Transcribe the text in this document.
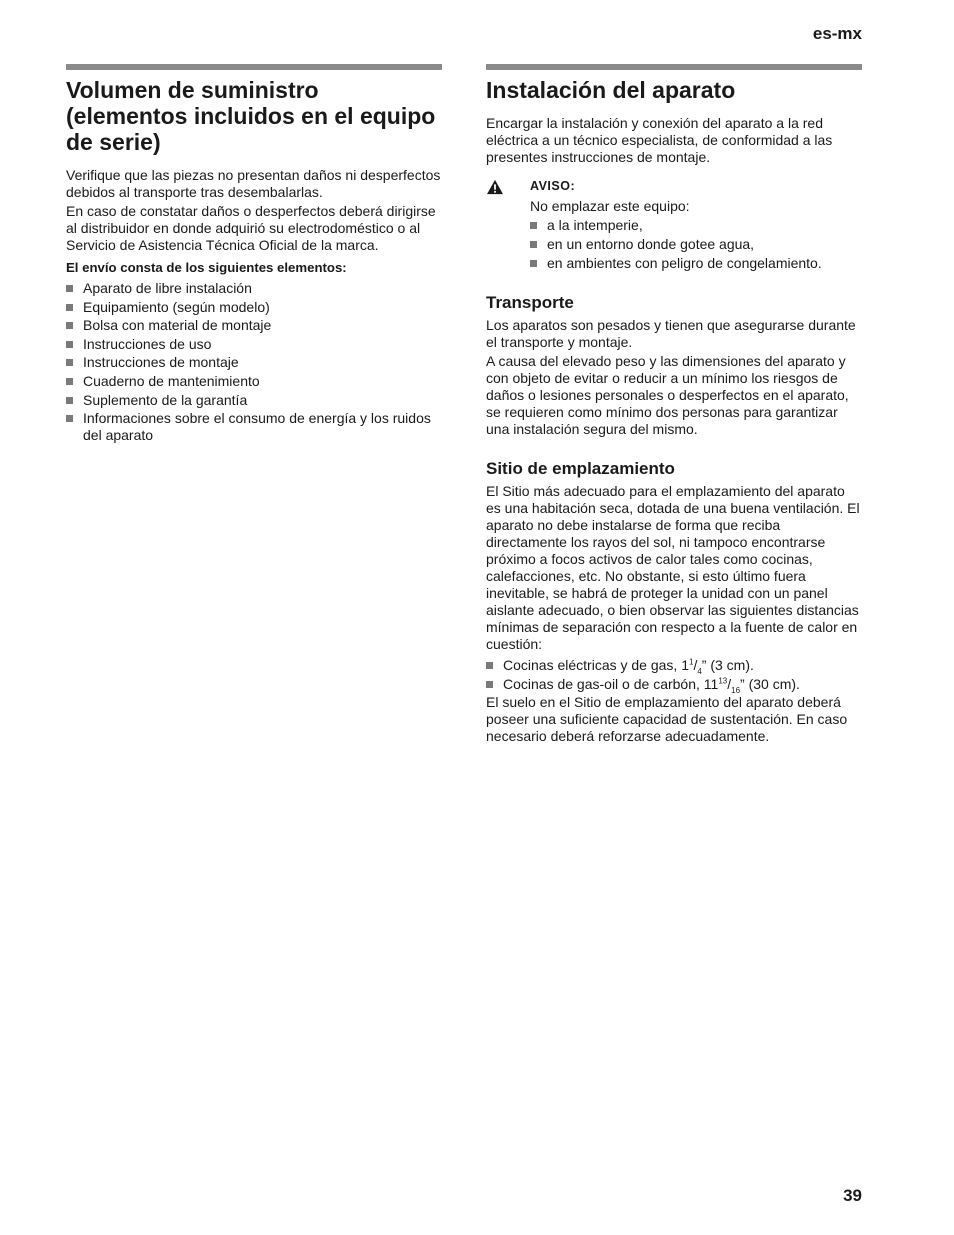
es-mx
Volumen de suministro (elementos incluidos en el equipo de serie)

Verifique que las piezas no presentan daños ni desperfectos debidos al transporte tras desembalarlas.

En caso de constatar daños o desperfectos deberá dirigirse al distribuidor en donde adquirió su electrodoméstico o al Servicio de Asistencia Técnica Oficial de la marca.

El envío consta de los siguientes elementos:

Aparato de libre instalación
Equipamiento (según modelo)
Bolsa con material de montaje
Instrucciones de uso
Instrucciones de montaje
Cuaderno de mantenimiento
Suplemento de la garantía
Informaciones sobre el consumo de energía y los ruidos del aparato
Instalación del aparato

Encargar la instalación y conexión del aparato a la red eléctrica a un técnico especialista, de conformidad a las presentes instrucciones de montaje.

AVISO:

No emplazar este equipo:

a la intemperie,
en un entorno donde gotee agua,
en ambientes con peligro de congelamiento.
Transporte

Los aparatos son pesados y tienen que asegurarse durante el transporte y montaje.

A causa del elevado peso y las dimensiones del aparato y con objeto de evitar o reducir a un mínimo los riesgos de daños o lesiones personales o desperfectos en el aparato, se requieren como mínimo dos personas para garantizar una instalación segura del mismo.

Sitio de emplazamiento

El Sitio más adecuado para el emplazamiento del aparato es una habitación seca, dotada de una buena ventilación. El aparato no debe instalarse de forma que reciba directamente los rayos del sol, ni tampoco encontrarse próximo a focos activos de calor tales como cocinas, calefacciones, etc. No obstante, si esto último fuera inevitable, se habrá de proteger la unidad con un panel aislante adecuado, o bien observar las siguientes distancias mínimas de separación con respecto a la fuente de calor en cuestión:

Cocinas eléctricas y de gas, $1^1/_4$” (3 cm).
Cocinas de gas-oil o de carbón, $11^{13}/_{16}$” (30 cm).

El suelo en el Sitio de emplazamiento del aparato deberá poseer una suficiente capacidad de sustentación. En caso necesario deberá reforzarse adecuadamente.

39
